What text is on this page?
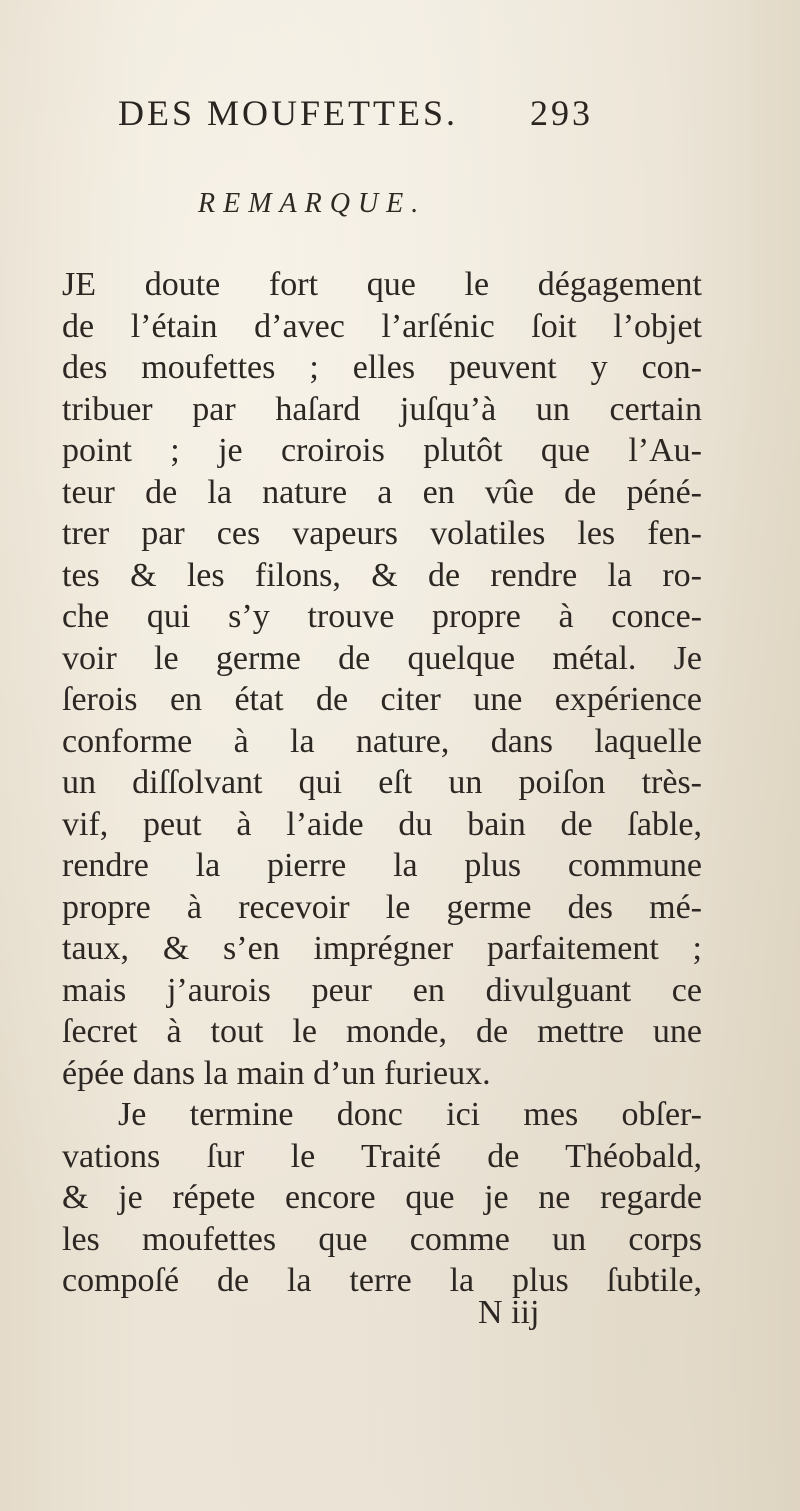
DES MOUFETTES. 293
REMARQUE.
JE doute fort que le dégagement
de l’étain d’avec l’arſénic ſoit l’objet
des moufettes ; elles peuvent y con-
tribuer par haſard juſqu’à un certain
point ; je croirois plutôt que l’Au-
teur de la nature a en vûe de péné-
trer par ces vapeurs volatiles les fen-
tes & les filons, & de rendre la ro-
che qui s’y trouve propre à conce-
voir le germe de quelque métal. Je
ſerois en état de citer une expérience
conforme à la nature, dans laquelle
un diſſolvant qui eſt un poiſon très-
vif, peut à l’aide du bain de ſable,
rendre la pierre la plus commune
propre à recevoir le germe des mé-
taux, & s’en imprégner parfaitement ;
mais j’aurois peur en divulguant ce
ſecret à tout le monde, de mettre une
épée dans la main d’un furieux.
Je termine donc ici mes obſer-
vations ſur le Traité de Théobald,
& je répete encore que je ne regarde
les moufettes que comme un corps
compoſé de la terre la plus ſubtile,
N iij
